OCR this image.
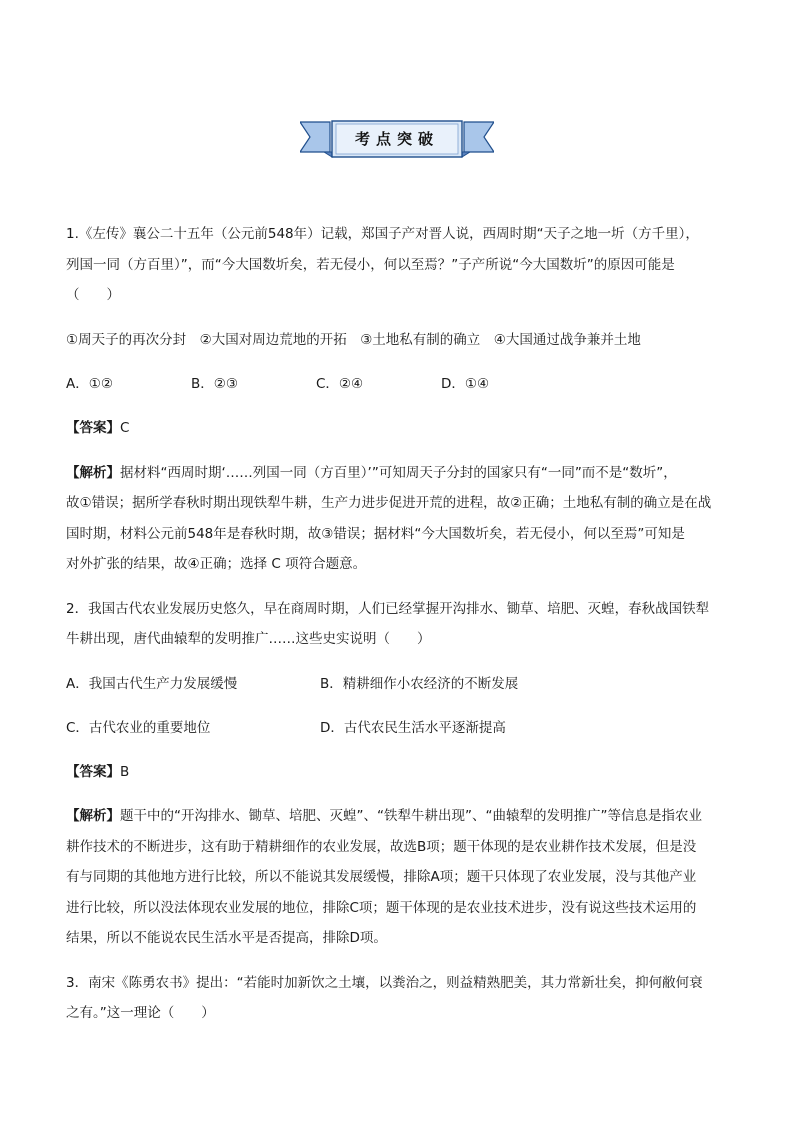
考点突破
1.《左传》襄公二十五年（公元前548年）记载，郑国子产对晋人说，西周时期“天子之地一圻（方千里），
列国一同（方百里）”，而“今大国数圻矣，若无侵小，何以至焉？”子产所说“今大国数圻”的原因可能是
（　　）
①周天子的再次分封　②大国对周边荒地的开拓　③土地私有制的确立　④大国通过战争兼并土地
A．①②	B．②③	C．②④	D．①④
【答案】C
【解析】据材料“西周时期‘……列国一同（方百里）’”可知周天子分封的国家只有“一同”而不是“数圻”，
故①错误；据所学春秋时期出现铁犁牛耕，生产力进步促进开荒的进程，故②正确；土地私有制的确立是在战
国时期，材料公元前548年是春秋时期，故③错误；据材料“今大国数圻矣，若无侵小，何以至焉”可知是
对外扩张的结果，故④正确；选择 C 项符合题意。
2．我国古代农业发展历史悠久，早在商周时期，人们已经掌握开沟排水、锄草、培肥、灭蝗，春秋战国铁犁
牛耕出现，唐代曲辕犁的发明推广……这些史实说明（　　）
A．我国古代生产力发展缓慢	B．精耕细作小农经济的不断发展
C．古代农业的重要地位	D．古代农民生活水平逐渐提高
【答案】B
【解析】题干中的“开沟排水、锄草、培肥、灭蝗”、“铁犁牛耕出现”、“曲辕犁的发明推广”等信息是指农业
耕作技术的不断进步，这有助于精耕细作的农业发展，故选B项；题干体现的是农业耕作技术发展，但是没
有与同期的其他地方进行比较，所以不能说其发展缓慢，排除A项；题干只体现了农业发展，没与其他产业
进行比较，所以没法体现农业发展的地位，排除C项；题干体现的是农业技术进步，没有说这些技术运用的
结果，所以不能说农民生活水平是否提高，排除D项。
3．南宋《陈勇农书》提出：“若能时加新饮之土壤，以粪治之，则益精熟肥美，其力常新壮矣，抑何敝何衰
之有。”这一理论（　　）
